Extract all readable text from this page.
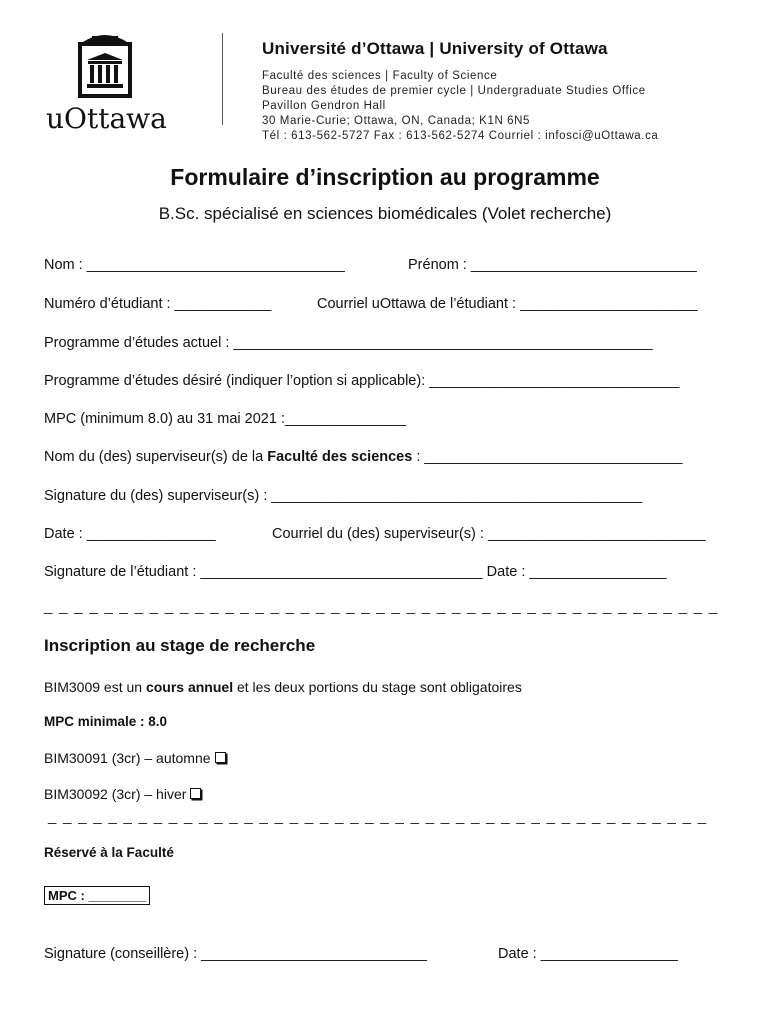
uOttawa
Université d’Ottawa | University of Ottawa
Faculté des sciences | Faculty of Science
Bureau des études de premier cycle | Undergraduate Studies Office
Pavillon Gendron Hall
30 Marie-Curie; Ottawa, ON, Canada; K1N 6N5
Tél : 613-562-5727 Fax : 613-562-5274 Courriel : infosci@uOttawa.ca
Formulaire d’inscription au programme
B.Sc. spécialisé en sciences biomédicales (Volet recherche)
Nom : ________________________________	Prénom : ____________________________
Numéro d’étudiant : ____________	Courriel uOttawa de l’étudiant : ______________________
Programme d’études actuel : ____________________________________________________
Programme d’études désiré (indiquer l’option si applicable): _______________________________
MPC (minimum 8.0) au 31 mai 2021 :_______________
Nom du (des) superviseur(s) de la Faculté des sciences : ________________________________
Signature du (des) superviseur(s) : ______________________________________________
Date : ________________	Courriel du (des) superviseur(s) : ___________________________
Signature de l’étudiant : ___________________________________ Date : _________________
_ _ _ _ _ _ _ _ _ _ _ _ _ _ _ _ _ _ _ _ _ _ _ _ _ _ _ _ _ _ _ _ _ _ _ _ _ _ _ _ _ _ _ _ _
Inscription au stage de recherche
BIM3009 est un cours annuel et les deux portions du stage sont obligatoires
MPC minimale : 8.0
BIM30091 (3cr) – automne
BIM30092 (3cr) – hiver
_ _ _ _ _ _ _ _ _ _ _ _ _ _ _ _ _ _ _ _ _ _ _ _ _ _ _ _ _ _ _ _ _ _ _ _ _ _ _ _ _ _ _ _
Réservé à la Faculté
MPC : ________
Signature (conseillère) : ____________________________	Date : _________________
